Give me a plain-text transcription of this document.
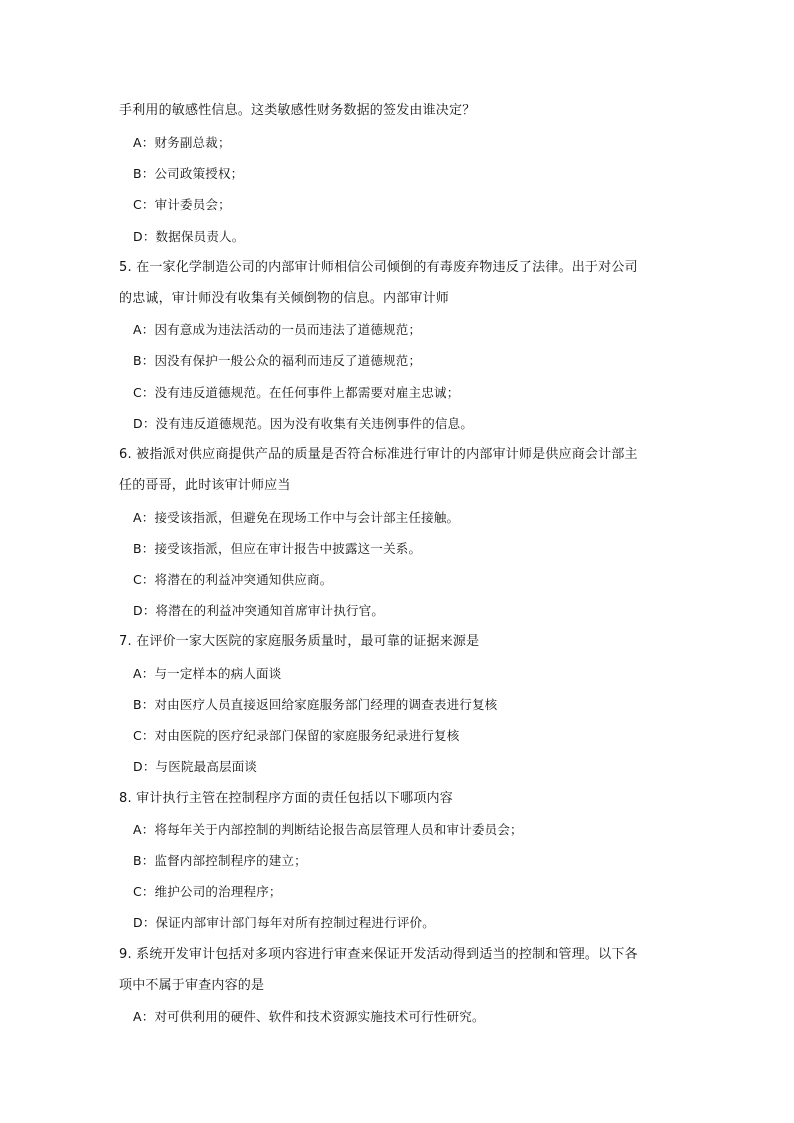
手利用的敏感性信息。这类敏感性财务数据的签发由谁决定？
A：财务副总裁；
B：公司政策授权；
C：审计委员会；
D：数据保员责人。
5. 在一家化学制造公司的内部审计师相信公司倾倒的有毒废弃物违反了法律。出于对公司
的忠诚，审计师没有收集有关倾倒物的信息。内部审计师
A：因有意成为违法活动的一员而违法了道德规范；
B：因没有保护一般公众的福利而违反了道德规范；
C：没有违反道德规范。在任何事件上都需要对雇主忠诚；
D：没有违反道德规范。因为没有收集有关违例事件的信息。
6. 被指派对供应商提供产品的质量是否符合标准进行审计的内部审计师是供应商会计部主
任的哥哥，此时该审计师应当
A：接受该指派，但避免在现场工作中与会计部主任接触。
B：接受该指派，但应在审计报告中披露这一关系。
C：将潜在的利益冲突通知供应商。
D：将潜在的利益冲突通知首席审计执行官。
7. 在评价一家大医院的家庭服务质量时，最可靠的证据来源是
A：与一定样本的病人面谈
B：对由医疗人员直接返回给家庭服务部门经理的调查表进行复核
C：对由医院的医疗纪录部门保留的家庭服务纪录进行复核
D：与医院最高层面谈
8. 审计执行主管在控制程序方面的责任包括以下哪项内容
A：将每年关于内部控制的判断结论报告高层管理人员和审计委员会；
B：监督内部控制程序的建立；
C：维护公司的治理程序；
D：保证内部审计部门每年对所有控制过程进行评价。
9. 系统开发审计包括对多项内容进行审查来保证开发活动得到适当的控制和管理。以下各
项中不属于审查内容的是
A：对可供利用的硬件、软件和技术资源实施技术可行性研究。
